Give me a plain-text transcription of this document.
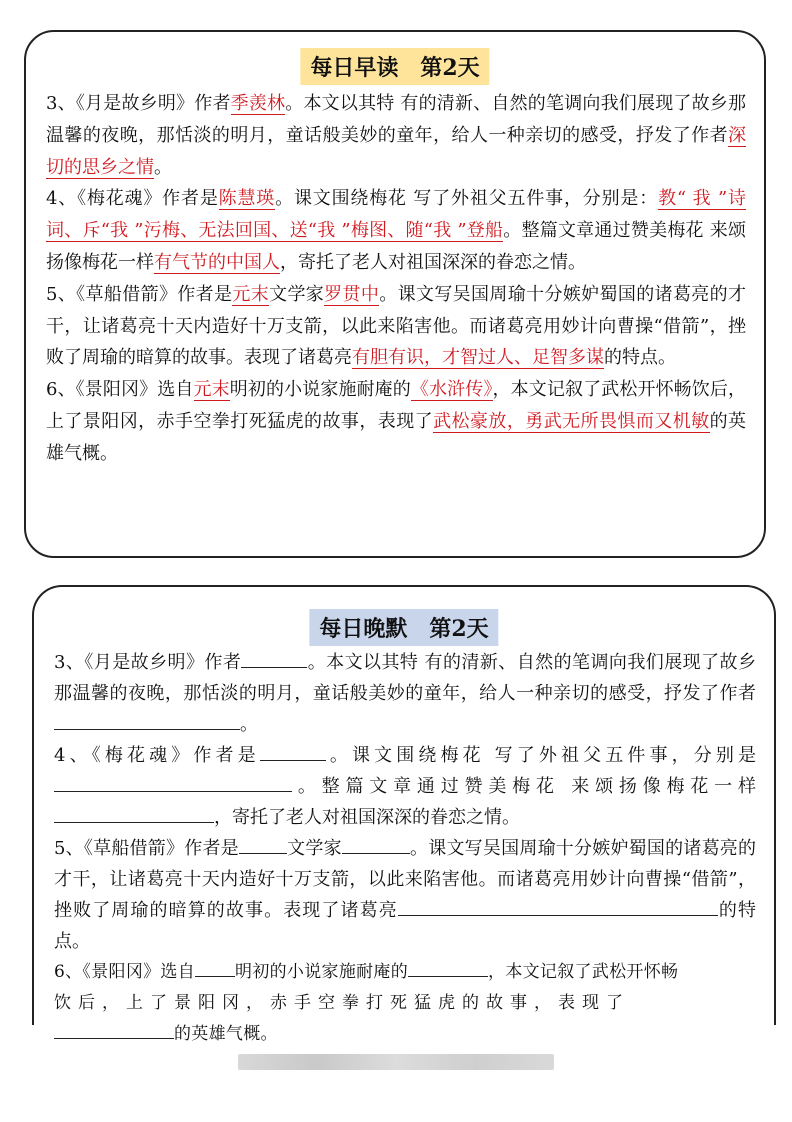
每日早读　第2天

3、《月是故乡明》作者季羡林。本文以其特 有的清新、自然的笔调向我们展现了故乡那温馨的夜晚，那恬淡的明月，童话般美妙的童年，给人一种亲切的感受，抒发了作者深 切的思乡之情。

4、《梅花魂》作者是陈慧瑛。课文围绕梅花 写了外祖父五件事，分别是：教“ 我 ”诗词、斥“我 ”污梅、无法回国、送“我 ”梅图、随“我 ”登船。整篇文章通过赞美梅花 来颂扬像梅花一样有气节的中国人，寄托了老人对祖国深深的眷恋之情。

5、《草船借箭》作者是元末文学家罗贯中。课文写吴国周瑜十分嫉妒蜀国的诸葛亮的才干，让诸葛亮十天内造好十万支箭，以此来陷害他。而诸葛亮用妙计向曹操“借箭”，挫败了周瑜的暗算的故事。表现了诸葛亮有胆有识，才智过人、足智多谋的特点。

6、《景阳冈》选自元末明初的小说家施耐庵的《水浒传》，本文记叙了武松开怀畅饮后，上了景阳冈，赤手空拳打死猛虎的故事，表现了武松豪放，勇武无所畏惧而又机敏的英雄气概。

每日晚默　第2天

3、《月是故乡明》作者	。本文以其特 有的清新、自然的笔调向我们展现了故乡那温馨的夜晚，那恬淡的明月，童话般美妙的童年，给人一种亲切的感受，抒发了作者。

4、《梅花魂》作者是	。课文围绕梅花 写了外祖父五件事，分别是。整篇文章通过赞美梅花 来颂扬像梅花一样，寄托了老人对祖国深深的眷恋之情。

5、《草船借箭》作者是	文学家	。课文写吴国周瑜十分嫉妒蜀国的诸葛亮的才干，让诸葛亮十天内造好十万支箭，以此来陷害他。而诸葛亮用妙计向曹操“借箭”，挫败了周瑜的暗算的故事。表现了诸葛亮	的特点。

6、《景阳冈》选自 明初的小说家施耐庵的	，本文记叙了武松开怀畅
饮后，上了景阳冈，赤手空拳打死猛虎的故事，表现了
的英雄气概。
